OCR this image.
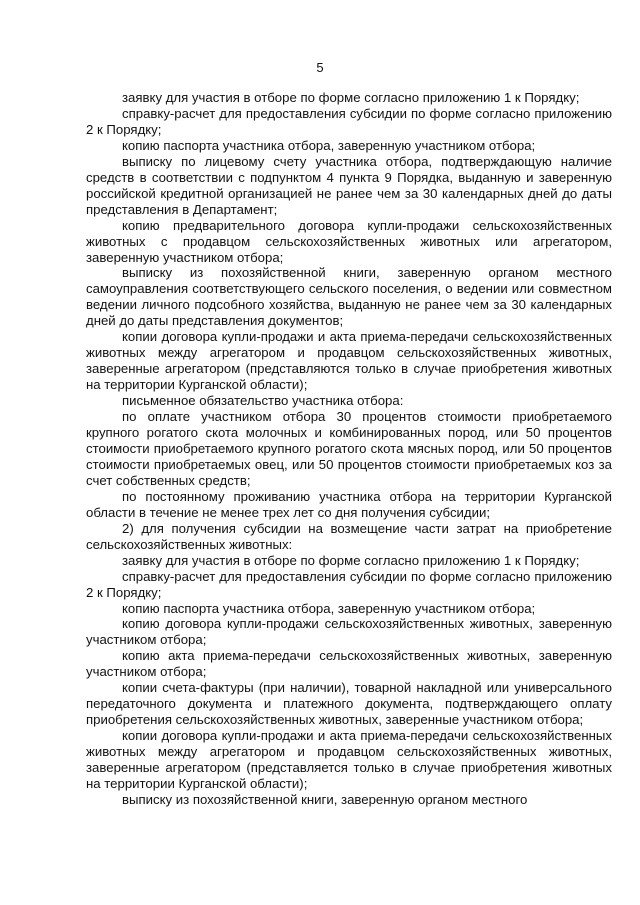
5

заявку для участия в отборе по форме согласно приложению 1 к Порядку;

справку-расчет для предоставления субсидии по форме согласно приложению 2 к Порядку;

копию паспорта участника отбора, заверенную участником отбора;

выписку по лицевому счету участника отбора, подтверждающую наличие средств в соответствии с подпунктом 4 пункта 9 Порядка, выданную и заверенную российской кредитной организацией не ранее чем за 30 календарных дней до даты представления в Департамент;

копию предварительного договора купли-продажи сельскохозяйственных животных с продавцом сельскохозяйственных животных или агрегатором, заверенную участником отбора;

выписку из похозяйственной книги, заверенную органом местного самоуправления соответствующего сельского поселения, о ведении или совместном ведении личного подсобного хозяйства, выданную не ранее чем за 30 календарных дней до даты представления документов;

копии договора купли-продажи и акта приема-передачи сельскохозяйственных животных между агрегатором и продавцом сельскохозяйственных животных, заверенные агрегатором (представляются только в случае приобретения животных на территории Курганской области);

письменное обязательство участника отбора:

по оплате участником отбора 30 процентов стоимости приобретаемого крупного рогатого скота молочных и комбинированных пород, или 50 процентов стоимости приобретаемого крупного рогатого скота мясных пород, или 50 процентов стоимости приобретаемых овец, или 50 процентов стоимости приобретаемых коз за счет собственных средств;

по постоянному проживанию участника отбора на территории Курганской области в течение не менее трех лет со дня получения субсидии;

2) для получения субсидии на возмещение части затрат на приобретение сельскохозяйственных животных:

заявку для участия в отборе по форме согласно приложению 1 к Порядку;

справку-расчет для предоставления субсидии по форме согласно приложению 2 к Порядку;

копию паспорта участника отбора, заверенную участником отбора;

копию договора купли-продажи сельскохозяйственных животных, заверенную участником отбора;

копию акта приема-передачи сельскохозяйственных животных, заверенную участником отбора;

копии счета-фактуры (при наличии), товарной накладной или универсального передаточного документа и платежного документа, подтверждающего оплату приобретения сельскохозяйственных животных, заверенные участником отбора;

копии договора купли-продажи и акта приема-передачи сельскохозяйственных животных между агрегатором и продавцом сельскохозяйственных животных, заверенные агрегатором (представляется только в случае приобретения животных на территории Курганской области);

выписку из похозяйственной книги, заверенную органом местного
